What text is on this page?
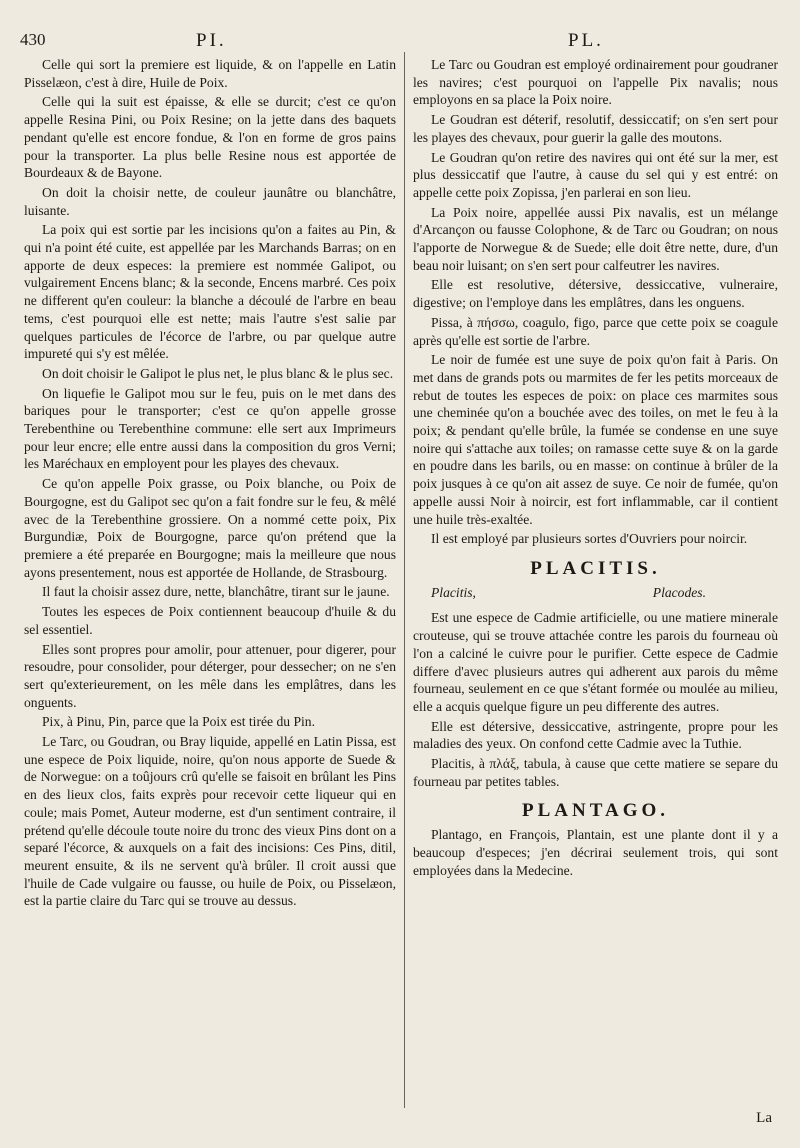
430	PI.	PL.

Celle qui sort la premiere est liquide, & on l'appelle en Latin Pisselæon, c'est à dire, Huile de Poix.

Celle qui la suit est épaisse, & elle se durcit; c'est ce qu'on appelle Resina Pini, ou Poix Resine; on la jette dans des baquets pendant qu'elle est encore fondue, & l'on en forme de gros pains pour la transporter. La plus belle Resine nous est apportée de Bourdeaux & de Bayone.

On doit la choisir nette, de couleur jaunâtre ou blanchâtre, luisante.

La poix qui est sortie par les incisions qu'on a faites au Pin, & qui n'a point été cuite, est appellée par les Marchands Barras; on en apporte de deux especes: la premiere est nommée Galipot, ou vulgairement Encens blanc; & la seconde, Encens marbré. Ces poix ne different qu'en couleur: la blanche a découlé de l'arbre en beau tems, c'est pourquoi elle est nette; mais l'autre s'est salie par quelques particules de l'écorce de l'arbre, ou par quelque autre impureté qui s'y est mêlée.

On doit choisir le Galipot le plus net, le plus blanc & le plus sec.

On liquefie le Galipot mou sur le feu, puis on le met dans des bariques pour le transporter; c'est ce qu'on appelle grosse Terebenthine ou Terebenthine commune: elle sert aux Imprimeurs pour leur encre; elle entre aussi dans la composition du gros Verni; les Maréchaux en employent pour les playes des chevaux.

Ce qu'on appelle Poix grasse, ou Poix blanche, ou Poix de Bourgogne, est du Galipot sec qu'on a fait fondre sur le feu, & mêlé avec de la Terebenthine grossiere. On a nommé cette poix, Pix Burgundiæ, Poix de Bourgogne, parce qu'on prétend que la premiere a été preparée en Bourgogne; mais la meilleure que nous ayons presentement, nous est apportée de Hollande, de Strasbourg.

Il faut la choisir assez dure, nette, blanchâtre, tirant sur le jaune.

Toutes les especes de Poix contiennent beaucoup d'huile & du sel essentiel.

Elles sont propres pour amolir, pour attenuer, pour digerer, pour resoudre, pour consolider, pour déterger, pour dessecher; on ne s'en sert qu'exterieurement, on les mêle dans les emplâtres, dans les onguents.

Pix, à Pinu, Pin, parce que la Poix est tirée du Pin.

Le Tarc, ou Goudran, ou Bray liquide, appellé en Latin Pissa, est une espece de Poix liquide, noire, qu'on nous apporte de Suede & de Norwegue: on a toûjours crû qu'elle se faisoit en brûlant les Pins en des lieux clos, faits exprès pour recevoir cette liqueur qui en coule; mais Pomet, Auteur moderne, est d'un sentiment contraire, il prétend qu'elle découle toute noire du tronc des vieux Pins dont on a separé l'écorce, & auxquels on a fait des incisions: Ces Pins, ditil, meurent ensuite, & ils ne servent qu'à brûler. Il croit aussi que l'huile de Cade vulgaire ou fausse, ou huile de Poix, ou Pisselæon, est la partie claire du Tarc qui se trouve au dessus.

Le Tarc ou Goudran est employé ordinairement pour goudraner les navires; c'est pourquoi on l'appelle Pix navalis; nous employons en sa place la Poix noire.

Le Goudran est déterif, resolutif, dessiccatif; on s'en sert pour les playes des chevaux, pour guerir la galle des moutons.

Le Goudran qu'on retire des navires qui ont été sur la mer, est plus dessiccatif que l'autre, à cause du sel qui y est entré: on appelle cette poix Zopissa, j'en parlerai en son lieu.

La Poix noire, appellée aussi Pix navalis, est un mélange d'Arcançon ou fausse Colophone, & de Tarc ou Goudran; on nous l'apporte de Norwegue & de Suede; elle doit être nette, dure, d'un beau noir luisant; on s'en sert pour calfeutrer les navires.

Elle est resolutive, détersive, dessiccative, vulneraire, digestive; on l'employe dans les emplâtres, dans les onguens.

Pissa, à πήσσω, coagulo, figo, parce que cette poix se coagule après qu'elle est sortie de l'arbre.

Le noir de fumée est une suye de poix qu'on fait à Paris. On met dans de grands pots ou marmites de fer les petits morceaux de rebut de toutes les especes de poix: on place ces marmites sous une cheminée qu'on a bouchée avec des toiles, on met le feu à la poix; & pendant qu'elle brûle, la fumée se condense en une suye noire qui s'attache aux toiles; on ramasse cette suye & on la garde en poudre dans les barils, ou en masse: on continue à brûler de la poix jusques à ce qu'on ait assez de suye. Ce noir de fumée, qu'on appelle aussi Noir à noircir, est fort inflammable, car il contient une huile très-exaltée.

Il est employé par plusieurs sortes d'Ouvriers pour noircir.

PLACITIS.
Placitis,	Placodes.

Est une espece de Cadmie artificielle, ou une matiere minerale crouteuse, qui se trouve attachée contre les parois du fourneau où l'on a calciné le cuivre pour le purifier. Cette espece de Cadmie differe d'avec plusieurs autres qui adherent aux parois du même fourneau, seulement en ce que s'étant formée ou moulée au milieu, elle a acquis quelque figure un peu differente des autres.

Elle est détersive, dessiccative, astringente, propre pour les maladies des yeux. On confond cette Cadmie avec la Tuthie.

Placitis, à πλάξ, tabula, à cause que cette matiere se separe du fourneau par petites tables.

PLANTAGO.

Plantago, en François, Plantain, est une plante dont il y a beaucoup d'especes; j'en décrirai seulement trois, qui sont employées dans la Medecine.

La
